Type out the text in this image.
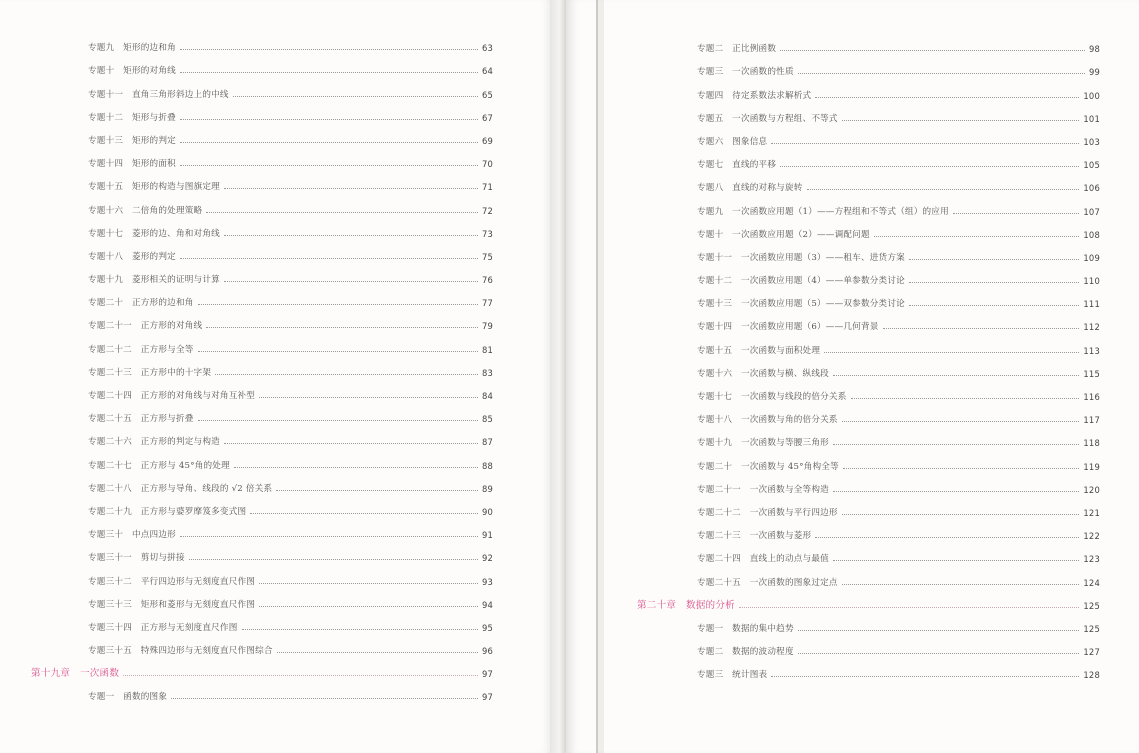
专题九　矩形的边和角	63
专题十　矩形的对角线	64
专题十一　直角三角形斜边上的中线	65
专题十二　矩形与折叠	67
专题十三　矩形的判定	69
专题十四　矩形的面积	70
专题十五　矩形的构造与图旗定理	71
专题十六　二倍角的处理策略	72
专题十七　菱形的边、角和对角线	73
专题十八　菱形的判定	75
专题十九　菱形相关的证明与计算	76
专题二十　正方形的边和角	77
专题二十一　正方形的对角线	79
专题二十二　正方形与全等	81
专题二十三　正方形中的十字架	83
专题二十四　正方形的对角线与对角互补型	84
专题二十五　正方形与折叠	85
专题二十六　正方形的判定与构造	87
专题二十七　正方形与 45°角的处理	88
专题二十八　正方形与导角、线段的 √2 倍关系	89
专题二十九　正方形与婆罗摩笈多变式图	90
专题三十　中点四边形	91
专题三十一　剪切与拼接	92
专题三十二　平行四边形与无刻度直尺作图	93
专题三十三　矩形和菱形与无刻度直尺作图	94
专题三十四　正方形与无刻度直尺作图	95
专题三十五　特殊四边形与无刻度直尺作图综合	96
第十九章　一次函数	97
专题一　函数的图象	97
专题二　正比例函数	98
专题三　一次函数的性质	99
专题四　待定系数法求解析式	100
专题五　一次函数与方程组、不等式	101
专题六　图象信息	103
专题七　直线的平移	105
专题八　直线的对称与旋转	106
专题九　一次函数应用题（1）——方程组和不等式（组）的应用	107
专题十　一次函数应用题（2）——调配问题	108
专题十一　一次函数应用题（3）——租车、进货方案	109
专题十二　一次函数应用题（4）——单参数分类讨论	110
专题十三　一次函数应用题（5）——双参数分类讨论	111
专题十四　一次函数应用题（6）——几何背景	112
专题十五　一次函数与面积处理	113
专题十六　一次函数与横、纵线段	115
专题十七　一次函数与线段的倍分关系	116
专题十八　一次函数与角的倍分关系	117
专题十九　一次函数与等腰三角形	118
专题二十　一次函数与 45°角构全等	119
专题二十一　一次函数与全等构造	120
专题二十二　一次函数与平行四边形	121
专题二十三　一次函数与菱形	122
专题二十四　直线上的动点与最值	123
专题二十五　一次函数的图象过定点	124
第二十章　数据的分析	125
专题一　数据的集中趋势	125
专题二　数据的波动程度	127
专题三　统计图表	128
